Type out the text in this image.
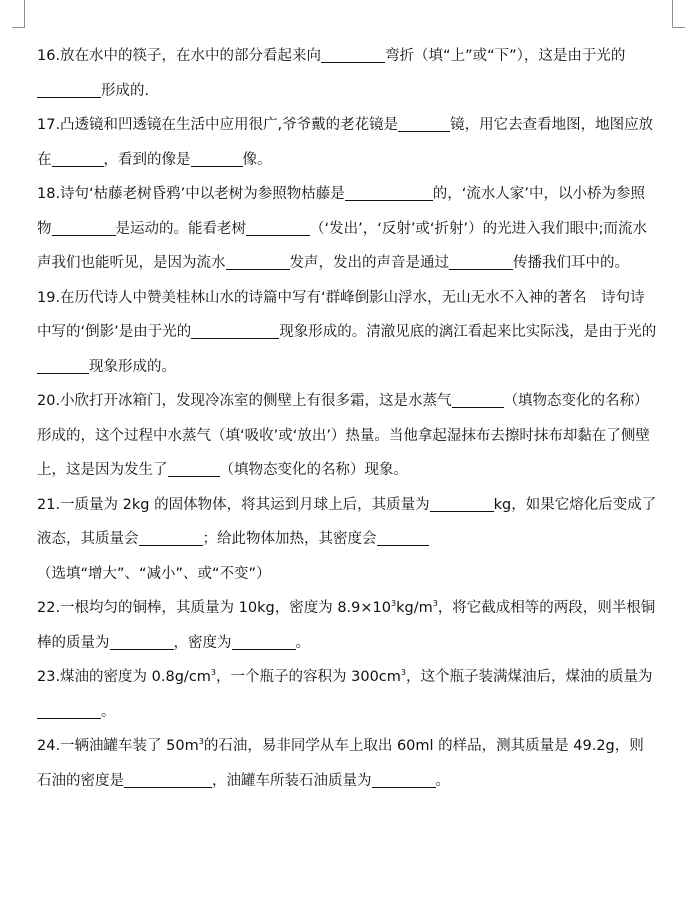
16.放在水中的筷子，在水中的部分看起来向	弯折（填“上”或“下”），这是由于光的形成的.

17.凸透镜和凹透镜在生活中应用很广,爷爷戴的老花镜是	镜，用它去查看地图，地图应放在	，看到的像是	像。

18.诗句‘枯藤老树昏鸦’中以老树为参照物枯藤是	的，‘流水人家’中，以小桥为参照物	是运动的。能看老树	（‘发出’，‘反射’或‘折射’）的光进入我们眼中;而流水声我们也能听见，是因为流水	发声，发出的声音是通过	传播我们耳中的。

19.在历代诗人中赞美桂林山水的诗篇中写有‘群峰倒影山浮水，无山无水不入神的著名　诗句诗中写的‘倒影’是由于光的	现象形成的。清澈见底的漓江看起来比实际浅，是由于光的现象形成的。

20.小欣打开冰箱门，发现冷冻室的侧壁上有很多霜，这是水蒸气	（填物态变化的名称）形成的，这个过程中水蒸气（填‘吸收’或‘放出’）热量。当他拿起湿抹布去擦时抹布却黏在了侧壁上，这是因为发生了	（填物态变化的名称）现象。

21.一质量为 2kg 的固体物体，将其运到月球上后，其质量为	kg，如果它熔化后变成了液态，其质量会	；给此物体加热，其密度会（选填“增大”、“减小”、或“不变”）

22.一根均匀的铜棒，其质量为 10kg，密度为 $8.9\times 10^3kg/m^3$，将它截成相等的两段，则半根铜棒的质量为	，密度为	。

23.煤油的密度为 $0.8g/cm^3$，一个瓶子的容积为 $300cm^3$，这个瓶子装满煤油后，煤油的质量为。

24.一辆油罐车装了 $50m^3$的石油，易非同学从车上取出 60ml 的样品，测其质量是 49.2g，则石油的密度是	，油罐车所装石油质量为	。
